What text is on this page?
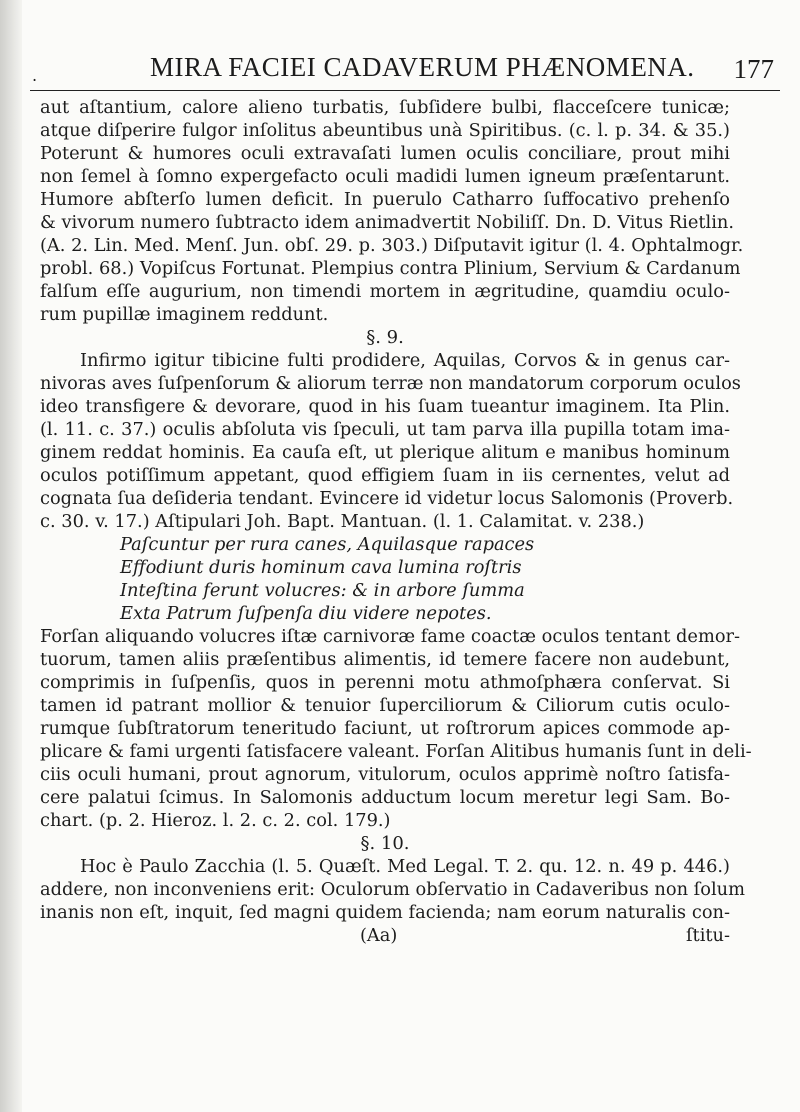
.	MIRA FACIEI CADAVERUM PHÆNOMENA. 177
aut aſtantium, calore alieno turbatis, ſubſidere bulbi, flacceſcere tunicæ;
atque diſperire fulgor inſolitus abeuntibus unà Spiritibus. (c. l. p. 34. & 35.)
Poterunt & humores oculi extravaſati lumen oculis conciliare, prout mihi
non ſemel à ſomno expergefacto oculi madidi lumen igneum præſentarunt.
Humore abſterſo lumen deficit. In puerulo Catharro ſuffocativo prehenſo
& vivorum numero ſubtracto idem animadvertit Nobiliſſ. Dn. D. Vitus Rietlin.
(A. 2. Lin. Med. Menſ. Jun. obſ. 29. p. 303.) Diſputavit igitur (l. 4. Ophtalmogr.
probl. 68.) Vopiſcus Fortunat. Plempius contra Plinium, Servium & Cardanum
falſum eſſe augurium, non timendi mortem in ægritudine, quamdiu oculo-
rum pupillæ imaginem reddunt.
§. 9.
Infirmo igitur tibicine fulti prodidere, Aquilas, Corvos & in genus car-
nivoras aves ſuſpenſorum & aliorum terræ non mandatorum corporum oculos
ideo transfigere & devorare, quod in his ſuam tueantur imaginem. Ita Plin.
(l. 11. c. 37.) oculis abſoluta vis ſpeculi, ut tam parva illa pupilla totam ima-
ginem reddat hominis. Ea cauſa eſt, ut plerique alitum e manibus hominum
oculos potiſſimum appetant, quod effigiem ſuam in iis cernentes, velut ad
cognata ſua deſideria tendant. Evincere id videtur locus Salomonis (Proverb.
c. 30. v. 17.) Aſtipulari Joh. Bapt. Mantuan. (l. 1. Calamitat. v. 238.)
Paſcuntur per rura canes, Aquilasque rapaces
Effodiunt duris hominum cava lumina roſtris
Inteſtina ferunt volucres: & in arbore ſumma
Exta Patrum ſuſpenſa diu videre nepotes.
Forſan aliquando volucres iſtæ carnivoræ fame coactæ oculos tentant demor-
tuorum, tamen aliis præſentibus alimentis, id temere facere non audebunt,
comprimis in ſuſpenſis, quos in perenni motu athmoſphæra conſervat. Si
tamen id patrant mollior & tenuior ſuperciliorum & Ciliorum cutis oculo-
rumque ſubſtratorum teneritudo faciunt, ut roſtrorum apices commode ap-
plicare & fami urgenti ſatisfacere valeant. Forſan Alitibus humanis ſunt in deli-
ciis oculi humani, prout agnorum, vitulorum, oculos apprimè noſtro ſatisfa-
cere palatui ſcimus. In Salomonis adductum locum meretur legi Sam. Bo-
chart. (p. 2. Hieroz. l. 2. c. 2. col. 179.)
§. 10.
Hoc è Paulo Zacchia (l. 5. Quæſt. Med Legal. T. 2. qu. 12. n. 49 p. 446.)
addere, non inconveniens erit: Oculorum obſervatio in Cadaveribus non ſolum
inanis non eſt, inquit, ſed magni quidem facienda; nam eorum naturalis con-
(Aa)	ſtitu-
